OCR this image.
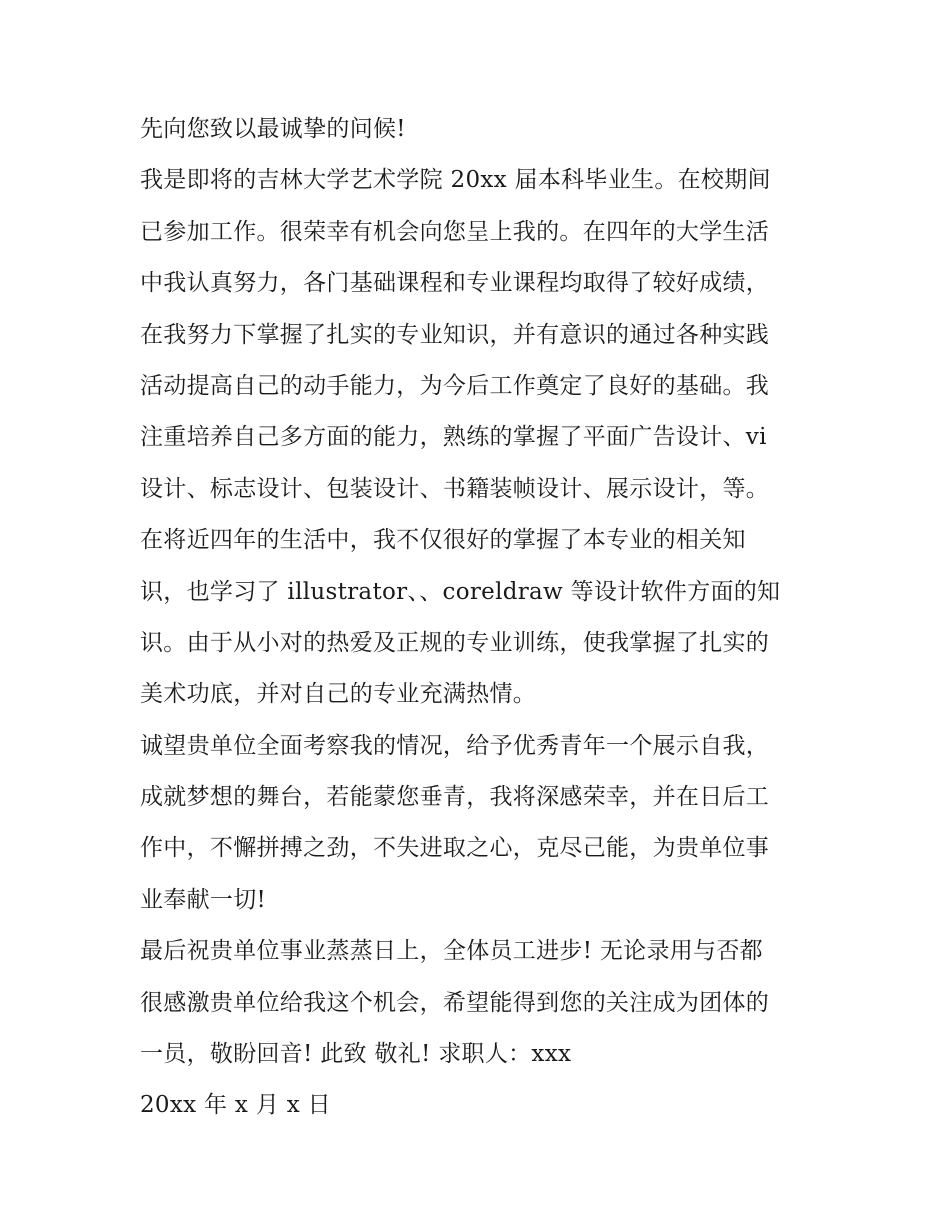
先向您致以最诚挚的问候!
我是即将的吉林大学艺术学院 20xx 届本科毕业生。在校期间
已参加工作。很荣幸有机会向您呈上我的。在四年的大学生活
中我认真努力，各门基础课程和专业课程均取得了较好成绩，
在我努力下掌握了扎实的专业知识，并有意识的通过各种实践
活动提高自己的动手能力，为今后工作奠定了良好的基础。我
注重培养自己多方面的能力，熟练的掌握了平面广告设计、vi
设计、标志设计、包装设计、书籍装帧设计、展示设计，等。
在将近四年的生活中，我不仅很好的掌握了本专业的相关知
识，也学习了 illustrator、、coreldraw 等设计软件方面的知
识。由于从小对的热爱及正规的专业训练，使我掌握了扎实的
美术功底，并对自己的专业充满热情。
诚望贵单位全面考察我的情况，给予优秀青年一个展示自我，
成就梦想的舞台，若能蒙您垂青，我将深感荣幸，并在日后工
作中，不懈拼搏之劲，不失进取之心，克尽己能，为贵单位事
业奉献一切!
最后祝贵单位事业蒸蒸日上，全体员工进步! 无论录用与否都
很感激贵单位给我这个机会，希望能得到您的关注成为团体的
一员，敬盼回音! 此致 敬礼! 求职人：xxx
20xx 年 x 月 x 日
